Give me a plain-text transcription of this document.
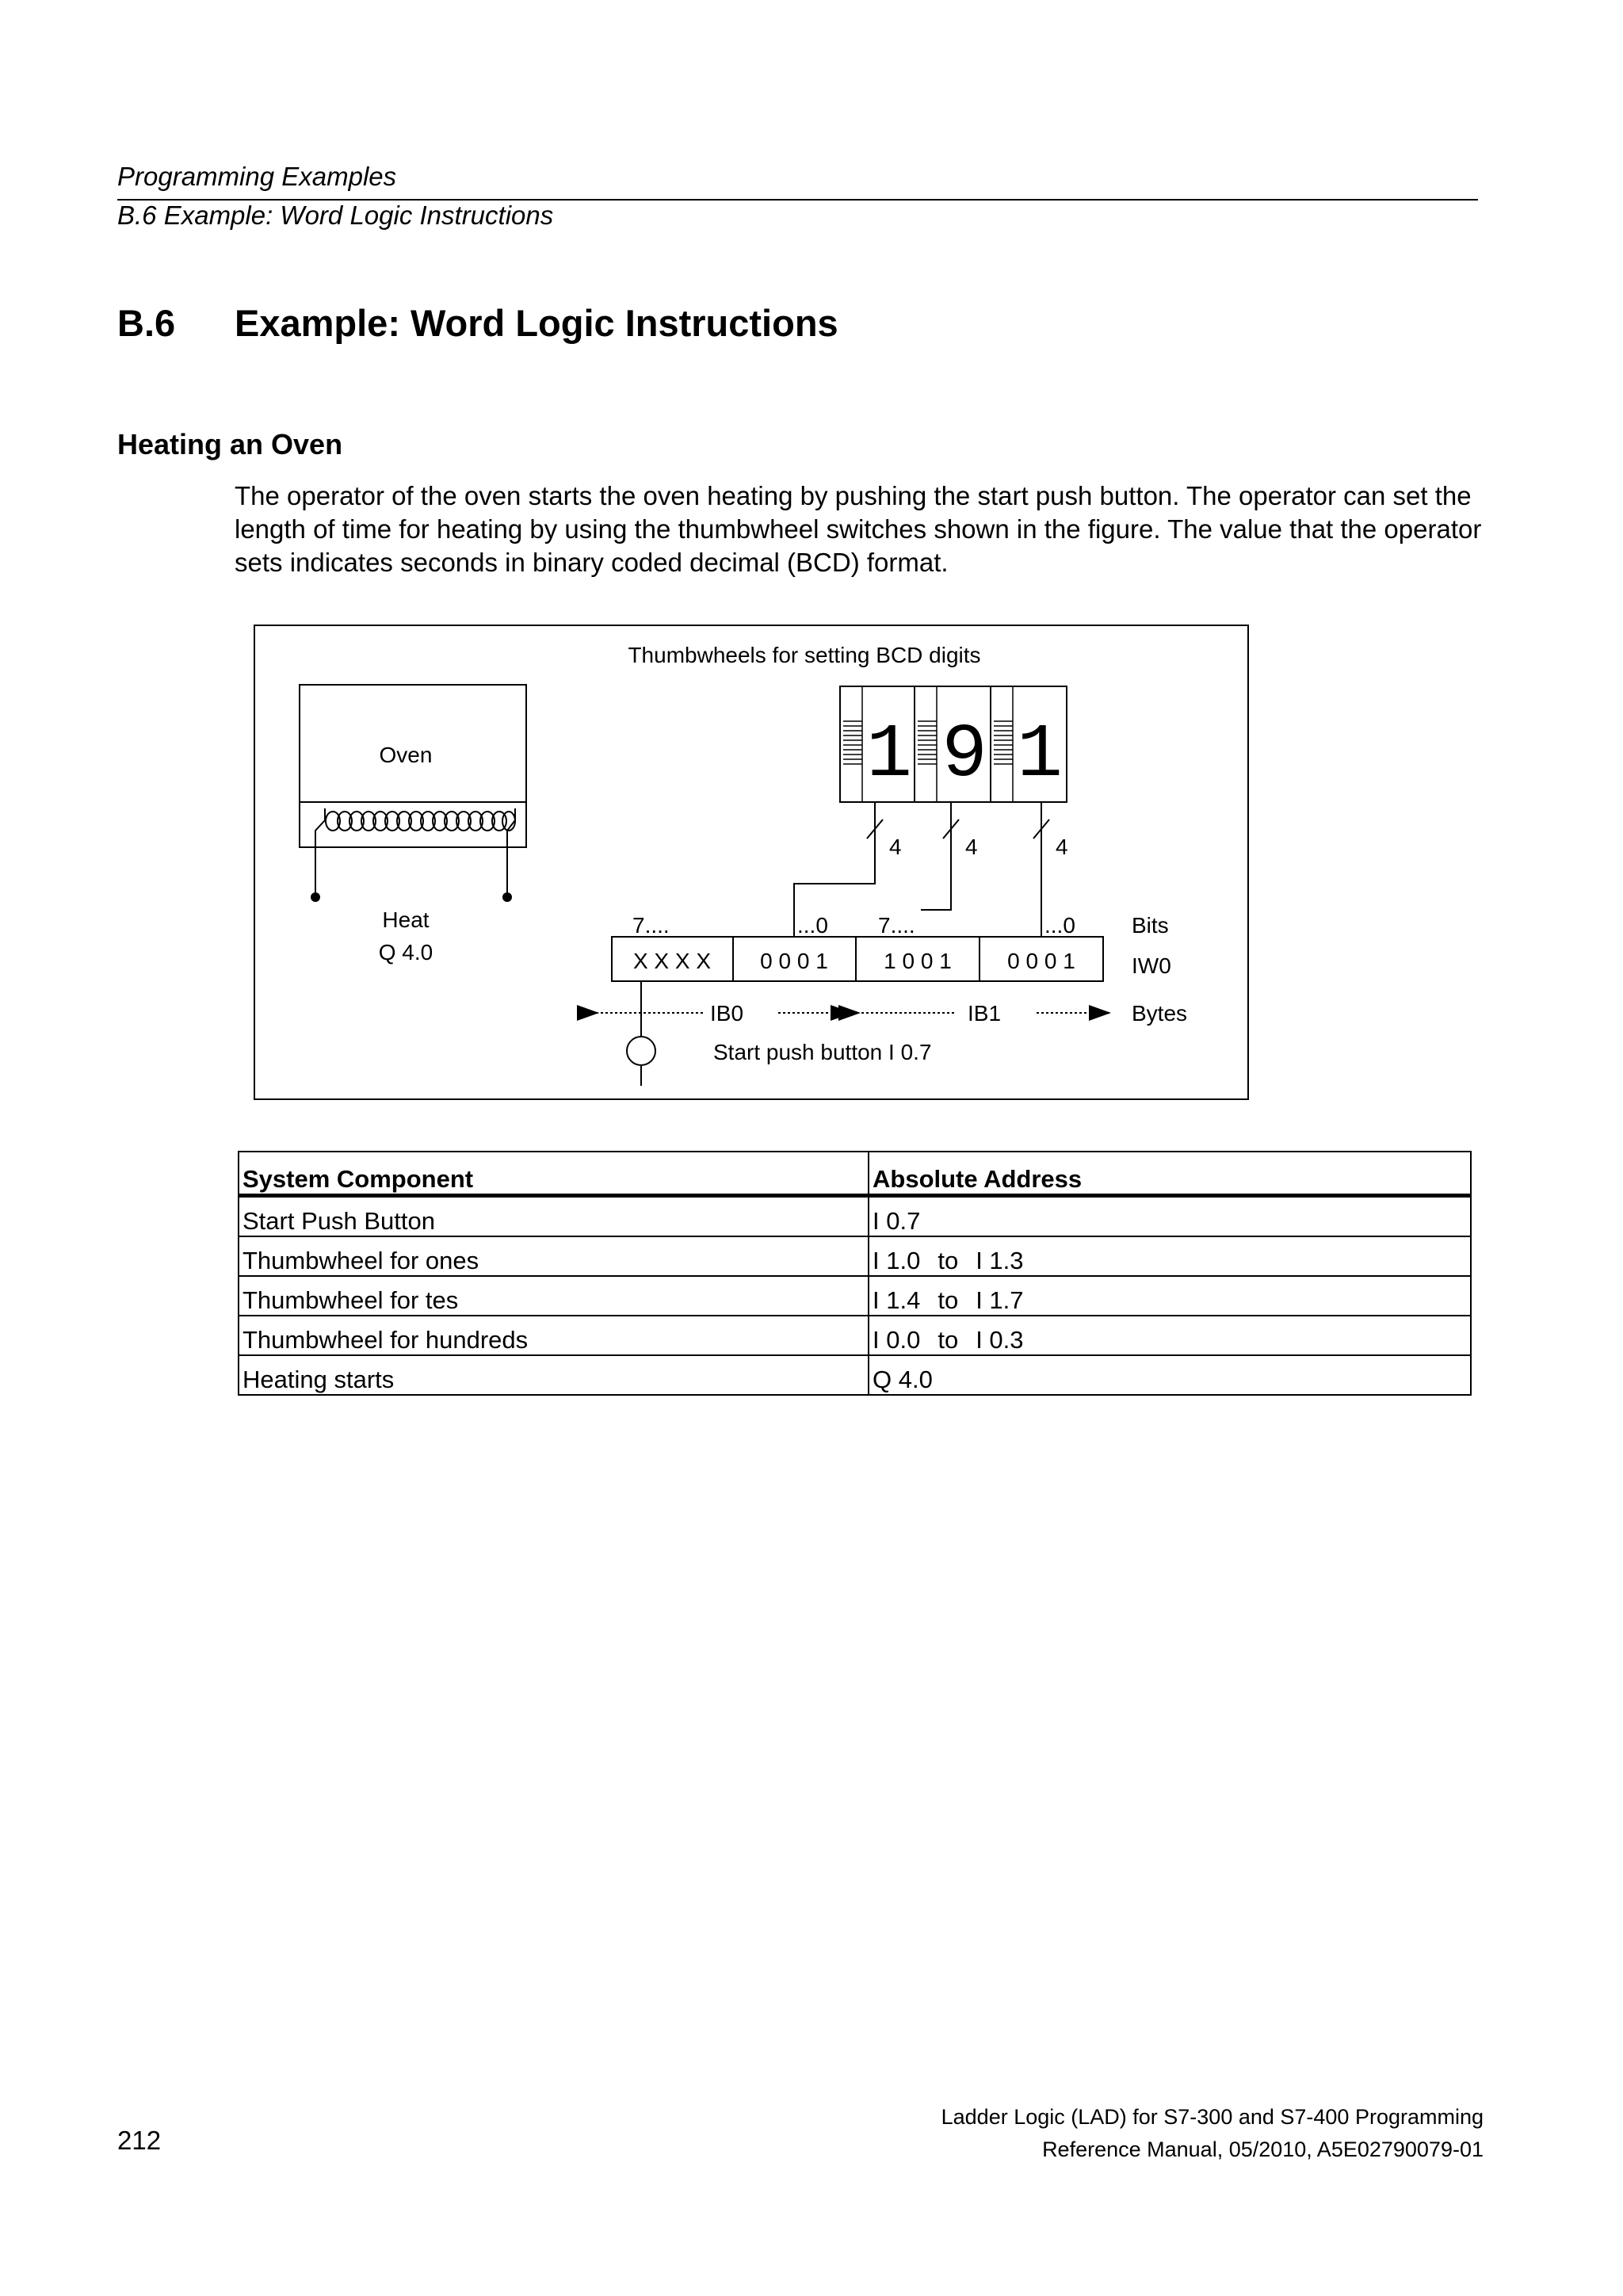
Programming Examples
B.6 Example: Word Logic Instructions
B.6 Example: Word Logic Instructions
Heating an Oven

The operator of the oven starts the oven heating by pushing the start push button. The operator can set the length of time for heating by using the thumbwheel switches shown in the figure. The value that the operator sets indicates seconds in binary coded decimal (BCD) format.

Oven
Heat
Q 4.0
Thumbwheels for setting BCD digits
1 9 1
4	4	4
7....	...0 7....	...0	Bits
X X X X 0 0 0 1	1 0 0 1	0 0 0 1	IW0
IB0	IB1	Bytes
Start push button I 0.7
System Component	Absolute Address
Start Push Button	I 0.7
Thumbwheel for ones	I 1.0 to I 1.3
Thumbwheel for tes	I 1.4 to I 1.7
Thumbwheel for hundreds	I 0.0 to I 0.3
Heating starts	Q 4.0
212
Ladder Logic (LAD) for S7-300 and S7-400 Programming
Reference Manual, 05/2010, A5E02790079-01
